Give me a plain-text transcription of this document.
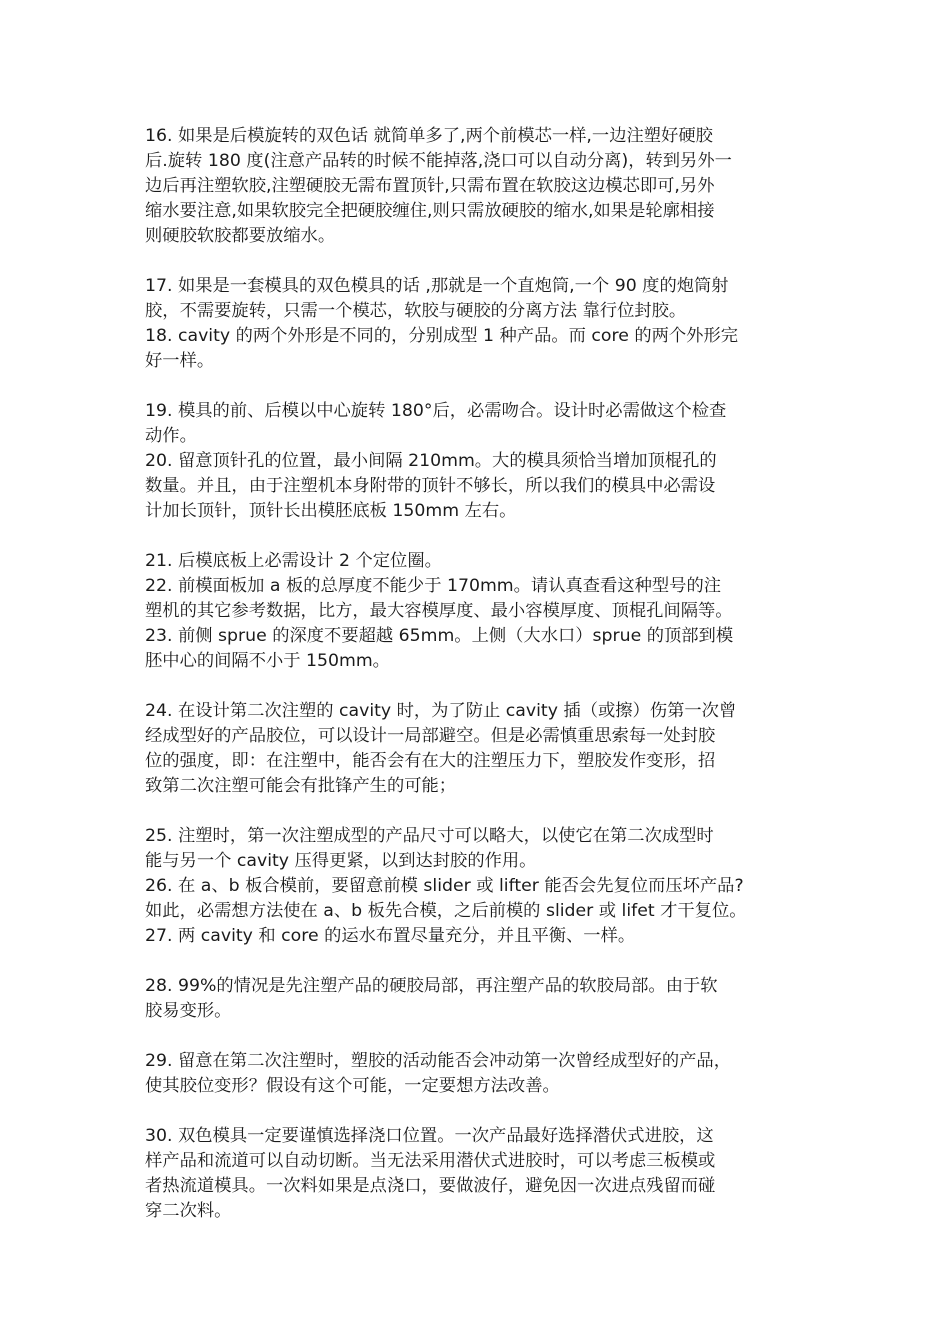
16. 如果是后模旋转的双色话 就简单多了,两个前模芯一样,一边注塑好硬胶
后.旋转 180 度(注意产品转的时候不能掉落,浇口可以自动分离)，转到另外一
边后再注塑软胶,注塑硬胶无需布置顶针,只需布置在软胶这边模芯即可,另外
缩水要注意,如果软胶完全把硬胶缠住,则只需放硬胶的缩水,如果是轮廓相接
则硬胶软胶都要放缩水。

17. 如果是一套模具的双色模具的话 ,那就是一个直炮筒,一个 90 度的炮筒射
胶，不需要旋转，只需一个模芯，软胶与硬胶的分离方法 靠行位封胶。

18. cavity 的两个外形是不同的，分别成型 1 种产品。而 core 的两个外形完
好一样。

19. 模具的前、后模以中心旋转 180°后，必需吻合。设计时必需做这个检查
动作。

20. 留意顶针孔的位置，最小间隔 210mm。大的模具须恰当增加顶棍孔的
数量。并且，由于注塑机本身附带的顶针不够长，所以我们的模具中必需设
计加长顶针，顶针长出模胚底板 150mm 左右。

21. 后模底板上必需设计 2 个定位圈。

22. 前模面板加 a 板的总厚度不能少于 170mm。请认真查看这种型号的注
塑机的其它参考数据，比方，最大容模厚度、最小容模厚度、顶棍孔间隔等。

23. 前侧 sprue 的深度不要超越 65mm。上侧（大水口）sprue 的顶部到模
胚中心的间隔不小于 150mm。

24. 在设计第二次注塑的 cavity 时，为了防止 cavity 插（或擦）伤第一次曾
经成型好的产品胶位，可以设计一局部避空。但是必需慎重思索每一处封胶
位的强度，即：在注塑中，能否会有在大的注塑压力下，塑胶发作变形，招
致第二次注塑可能会有批锋产生的可能；

25. 注塑时，第一次注塑成型的产品尺寸可以略大，以使它在第二次成型时
能与另一个 cavity 压得更紧，以到达封胶的作用。

26. 在 a、b 板合模前，要留意前模 slider 或 lifter 能否会先复位而压坏产品?
如此，必需想方法使在 a、b 板先合模，之后前模的 slider 或 lifet 才干复位。

27. 两 cavity 和 core 的运水布置尽量充分，并且平衡、一样。

28. 99%的情况是先注塑产品的硬胶局部，再注塑产品的软胶局部。由于软
胶易变形。

29. 留意在第二次注塑时，塑胶的活动能否会冲动第一次曾经成型好的产品，
使其胶位变形？假设有这个可能，一定要想方法改善。

30. 双色模具一定要谨慎选择浇口位置。一次产品最好选择潜伏式进胶，这
样产品和流道可以自动切断。当无法采用潜伏式进胶时，可以考虑三板模或
者热流道模具。一次料如果是点浇口，要做波仔，避免因一次进点残留而碰
穿二次料。
